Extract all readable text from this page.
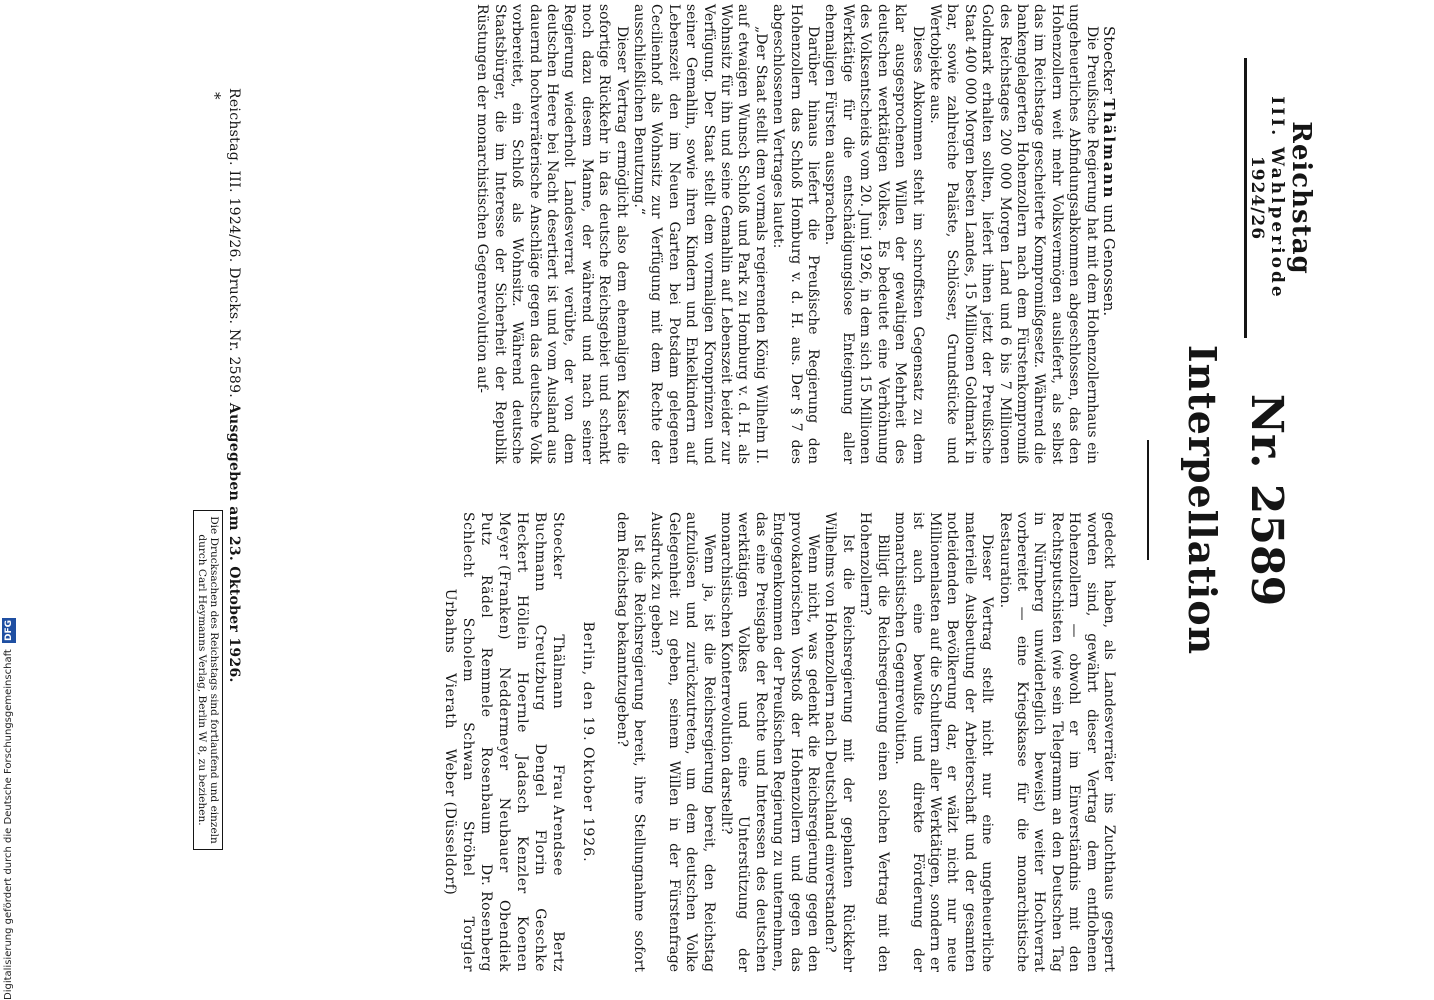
Reichstag
III. Wahlperiode
1924/26
Nr. 2589
Interpellation

Stoecker Thälmann und Genossen.

Die Preußische Regierung hat mit dem Hohenzollernhaus ein ungeheuerliches Abfindungsabkommen abgeschlossen, das den Hohenzollern weit mehr Volksvermögen ausliefert, als selbst das im Reichstage gescheiterte Kompromißgesetz. Während die bankengelagerten Hohenzollern nach dem Fürstenkompromiß des Reichstages 200 000 Morgen Land und 6 bis 7 Millionen Goldmark erhalten sollten, liefert ihnen jetzt der Preußische Staat 400 000 Morgen besten Landes, 15 Millionen Goldmark in bar, sowie zahlreiche Paläste, Schlösser, Grundstücke und Wertobjekte aus.

Dieses Abkommen steht im schroffsten Gegensatz zu dem klar ausgesprochenen Willen der gewaltigen Mehrheit des deutschen werktätigen Volkes. Es bedeutet eine Verhöhnung des Volksentscheids vom 20. Juni 1926, in dem sich 15 Millionen Werktätige für die entschädigungslose Enteignung aller ehemaligen Fürsten aussprachen.

Darüber hinaus liefert die Preußische Regierung den Hohenzollern das Schloß Homburg v. d. H. aus. Der § 7 des abgeschlossenen Vertrages lautet:

„Der Staat stellt dem vormals regierenden König Wilhelm II. auf etwaigen Wunsch Schloß und Park zu Homburg v. d. H. als Wohnsitz für ihn und seine Gemahlin auf Lebenszeit beider zur Verfügung. Der Staat stellt dem vormaligen Kronprinzen und seiner Gemahlin, sowie ihren Kindern und Enkelkindern auf Lebenszeit den im Neuen Garten bei Potsdam gelegenen Cecilienhof als Wohnsitz zur Verfügung mit dem Rechte der ausschließlichen Benutzung.“

Dieser Vertrag ermöglicht also dem ehemaligen Kaiser die sofortige Rückkehr in das deutsche Reichsgebiet und schenkt noch dazu diesem Manne, der während und nach seiner Regierung wiederholt Landesverrat verübte, der von dem deutschen Heere bei Nacht desertiert ist und vom Ausland aus dauernd hochverräterische Anschläge gegen das deutsche Volk vorbereitet, ein Schloß als Wohnsitz. Während deutsche Staatsbürger, die im Interesse der Sicherheit der Republik Rüstungen der monarchistischen Gegenrevolution auf-

gedeckt haben, als Landesverräter ins Zuchthaus gesperrt worden sind, gewährt dieser Vertrag dem entflohenen Hohenzollern — obwohl er im Einverständnis mit den Rechtsputschisten (wie sein Telegramm an den Deutschen Tag in Nürnberg unwiderleglich beweist) weiter Hochverrat vorbereitet — eine Kriegskasse für die monarchistische Restauration.

Dieser Vertrag stellt nicht nur eine ungeheuerliche materielle Ausbeutung der Arbeiterschaft und der gesamten notleidenden Bevölkerung dar, er wälzt nicht nur neue Millionenlasten auf die Schultern aller Werktätigen, sondern er ist auch eine bewußte und direkte Förderung der monarchistischen Gegenrevolution.

Billigt die Reichsregierung einen solchen Vertrag mit den Hohenzollern?

Ist die Reichsregierung mit der geplanten Rückkehr Wilhelms von Hohenzollern nach Deutschland einverstanden?

Wenn nicht, was gedenkt die Reichsregierung gegen den provokatorischen Vorstoß der Hohenzollern und gegen das Entgegenkommen der Preußischen Regierung zu unternehmen, das eine Preisgabe der Rechte und Interessen des deutschen werktätigen Volkes und eine Unterstützung der monarchistischen Konterrevolution darstellt?

Wenn ja, ist die Reichsregierung bereit, den Reichstag aufzulösen und zurückzutreten, um dem deutschen Volke Gelegenheit zu geben, seinem Willen in der Fürstenfrage Ausdruck zu geben?

Ist die Reichsregierung bereit, ihre Stellungnahme sofort dem Reichstag bekanntzugeben?

Berlin, den 19. Oktober 1926.
Stoecker
Thälmann
Frau Arendsee
Bertz
Buchmann
Creutzburg
Dengel
Florin
Geschke
Heckert
Höllein
Hoernle
Jadasch
Kenzler
Koenen
Meyer (Franken)
Neddermeyer
Neubauer
Obendiek
Putz
Rädel
Remmele
Rosenbaum
Dr. Rosenberg
Schlecht
Scholem
Schwan
Ströhel
Torgler
Urbahns    Vierath    Weber (Düsseldorf)
Reichstag. III. 1924/26. Drucks. Nr. 2589. Ausgegeben am 23. Oktober 1926.
*
Die Drucksachen des Reichstags sind fortlaufend und einzeln
durch Carl Heymanns Verlag, Berlin W 8, zu beziehen.
Digitalisierung gefördert durch die Deutsche Forschungsgemeinschaft DFG
